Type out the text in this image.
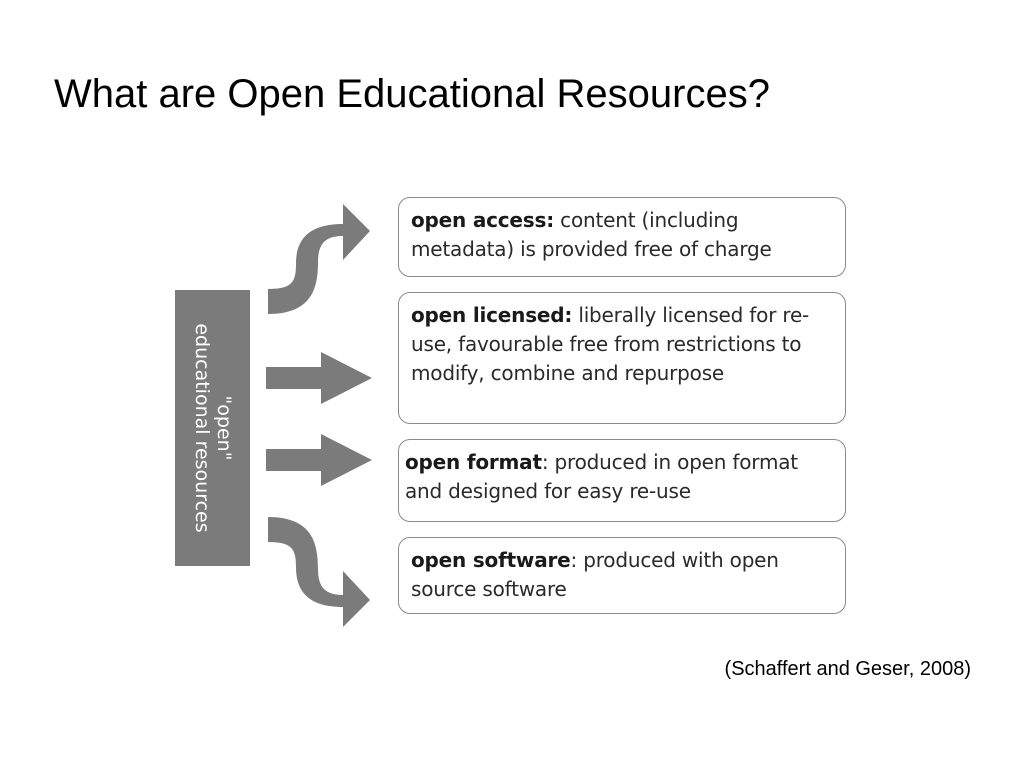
What are Open Educational Resources?
"open"
educational resources
open access: content (including metadata) is provided free of charge
open licensed: liberally licensed for re-use, favourable free from restrictions to modify, combine and repurpose
open format: produced in open format and designed for easy re-use
open software: produced with open source software
(Schaffert and Geser, 2008)
